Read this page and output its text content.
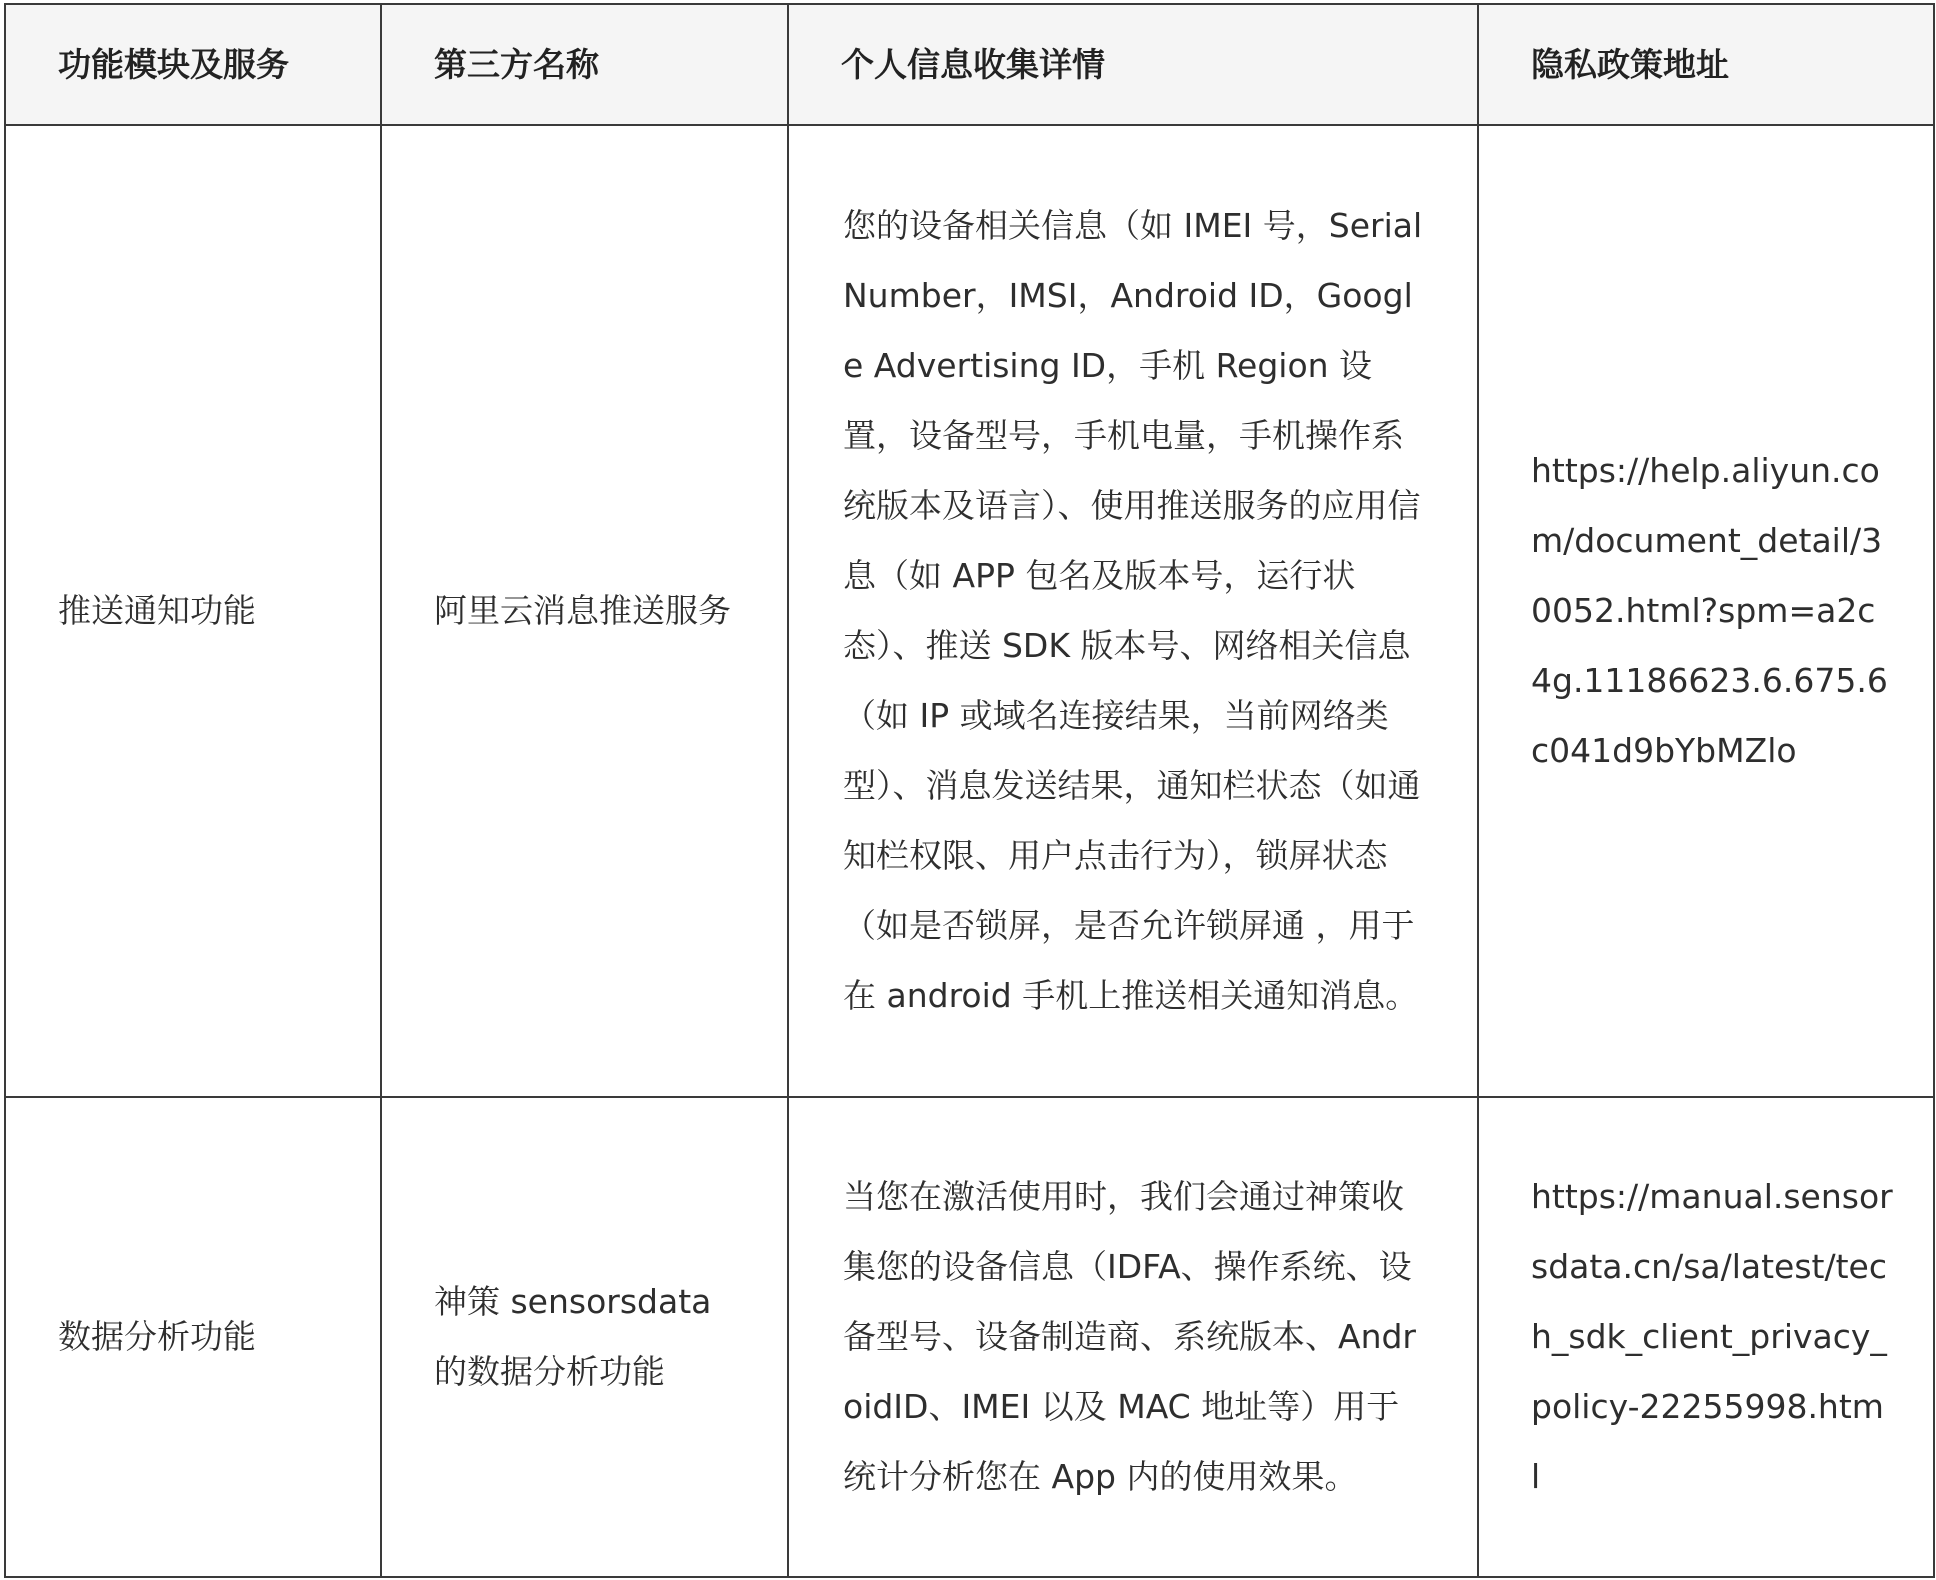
功能模块及服务	第三方名称	个人信息收集详情	隐私政策地址

推送通知功能	阿里云消息推送服务	您的设备相关信息（如 IMEI 号，Serial Number，IMSI，Android ID，Google Advertising ID，手机 Region 设置，设备型号，手机电量，手机操作系统版本及语言）、使用推送服务的应用信息（如 APP 包名及版本号，运行状态）、推送 SDK 版本号、网络相关信息（如 IP 或域名连接结果，当前网络类型）、消息发送结果，通知栏状态（如通知栏权限、用户点击行为），锁屏状态（如是否锁屏，是否允许锁屏通 ，用于在 android 手机上推送相关通知消息。	https://help.aliyun.com/document_detail/30052.html?spm=a2c4g.11186623.6.675.6c041d9bYbMZlo

数据分析功能	神策 sensorsdata 的数据分析功能	当您在激活使用时，我们会通过神策收集您的设备信息（IDFA、操作系统、设备型号、设备制造商、系统版本、AndroidID、IMEI 以及 MAC 地址等）用于统计分析您在 App 内的使用效果。	https://manual.sensorsdata.cn/sa/latest/tech_sdk_client_privacy_policy-22255998.html
